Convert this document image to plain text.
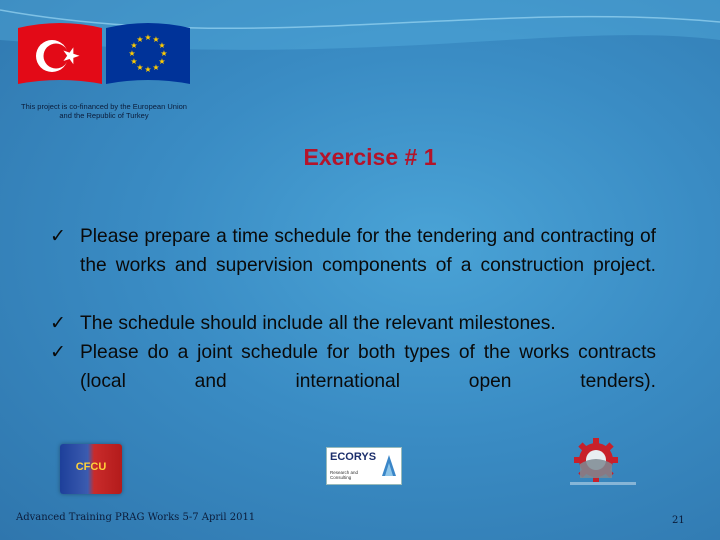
★ ★
★
★
★
★
★
★
★
★
★
★
This project is co-financed by the European Union
and the Republic of Turkey
Exercise # 1
✓ Please prepare a time schedule for the tendering and contracting of the works and supervision components of a construction project.
✓ The schedule should include all the relevant milestones.
✓ Please do a joint schedule for both types of the works contracts (local and international open tenders).
CFCU
ECORYS
Research and Consulting
Advanced Training PRAG Works 5-7 April 2011	21
